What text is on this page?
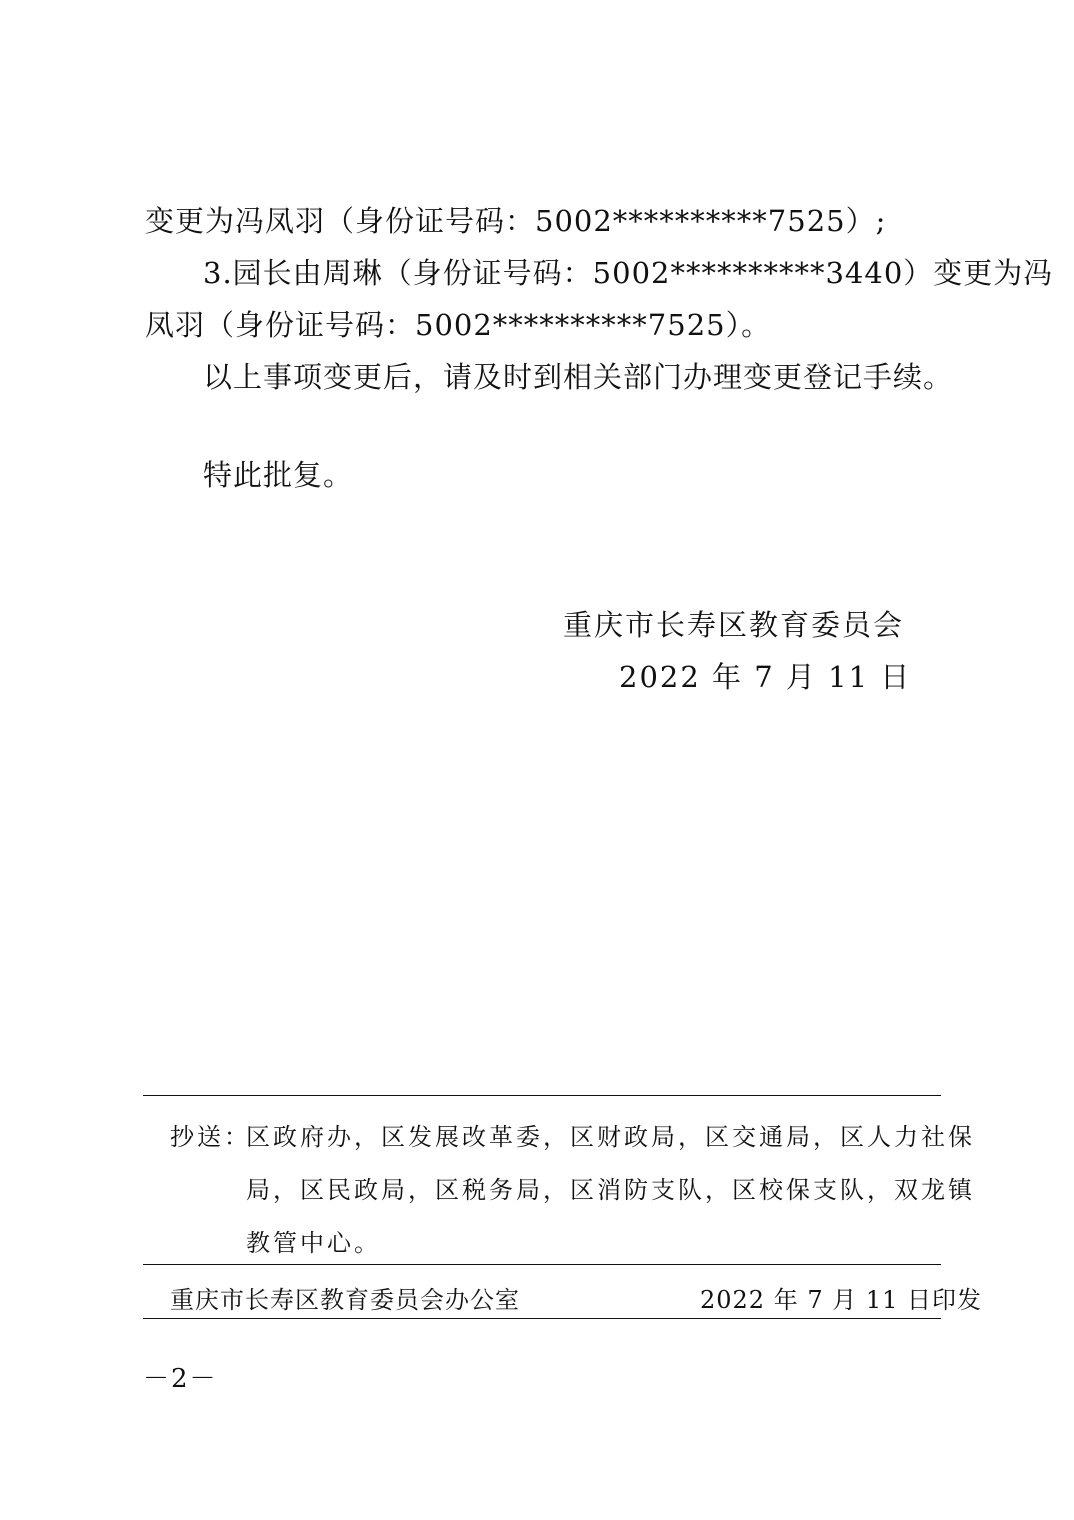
变更为冯凤羽（身份证号码：5002**********7525）;
3.园长由周琳（身份证号码：5002**********3440）变更为冯
凤羽（身份证号码：5002**********7525）。
以上事项变更后，请及时到相关部门办理变更登记手续。
特此批复。
重庆市长寿区教育委员会
2022 年 7 月 11 日
抄送：
区政府办，区发展改革委，区财政局，区交通局，区人力社保
局，区民政局，区税务局，区消防支队，区校保支队，双龙镇
教管中心。
重庆市长寿区教育委员会办公室	2022 年 7 月 11 日印发
－2－
